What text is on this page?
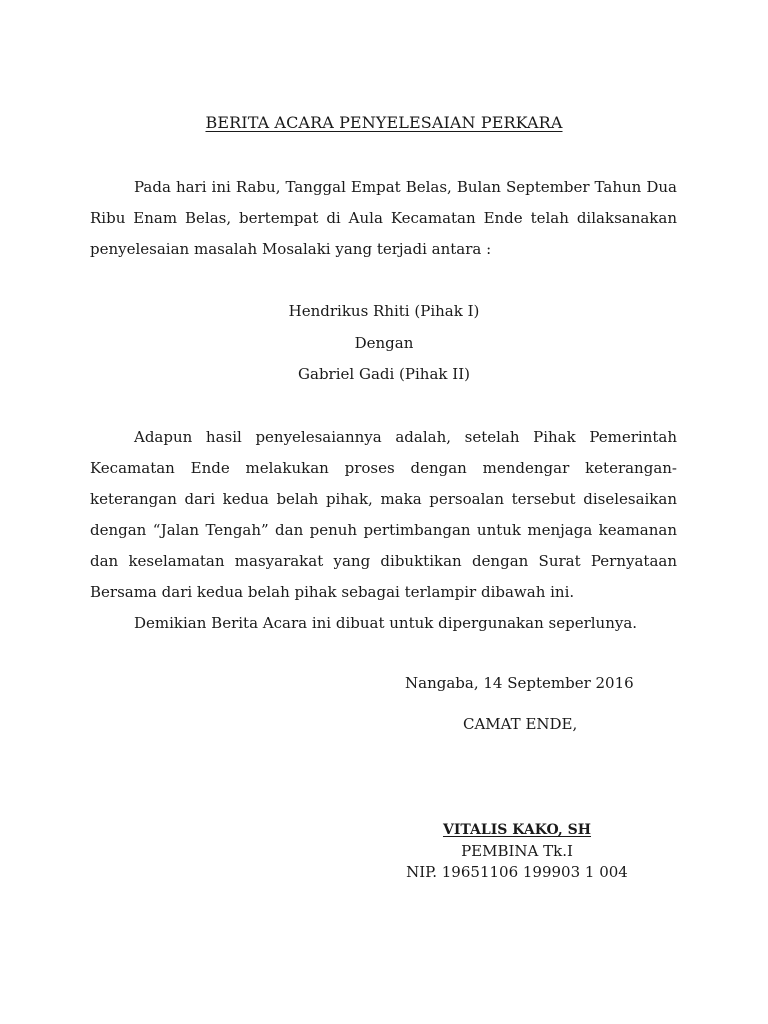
BERITA ACARA PENYELESAIAN PERKARA

Pada hari ini Rabu, Tanggal Empat Belas, Bulan September Tahun Dua Ribu Enam Belas, bertempat di Aula Kecamatan Ende telah dilaksanakan penyelesaian masalah Mosalaki yang terjadi antara :

Hendrikus Rhiti (Pihak I)
Dengan
Gabriel Gadi (Pihak II)

Adapun hasil penyelesaiannya adalah, setelah Pihak Pemerintah Kecamatan Ende melakukan proses dengan mendengar keterangan-keterangan dari kedua belah pihak, maka persoalan tersebut diselesaikan dengan “Jalan Tengah” dan penuh pertimbangan untuk menjaga keamanan dan keselamatan masyarakat yang dibuktikan dengan Surat Pernyataan Bersama dari kedua belah pihak sebagai terlampir dibawah ini.

Demikian Berita Acara ini dibuat untuk dipergunakan seperlunya.

Nangaba, 14 September 2016
CAMAT ENDE,
VITALIS KAKO, SH
PEMBINA Tk.I
NIP. 19651106 199903 1 004
